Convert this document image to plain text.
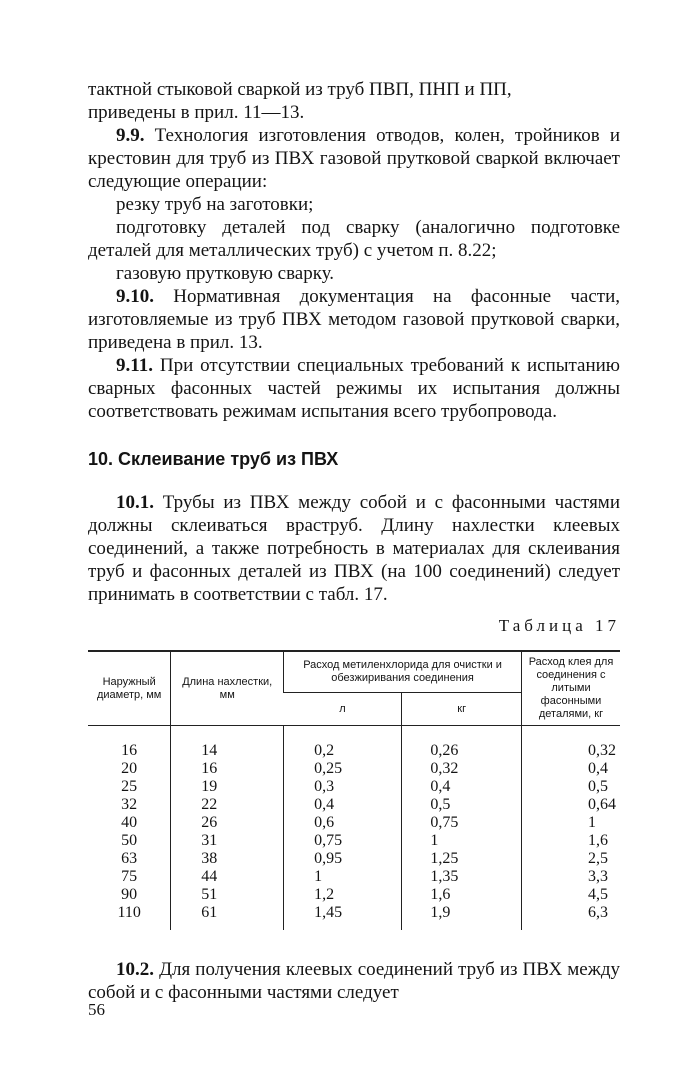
тактной стыковой сваркой из труб ПВП, ПНП и ПП,
приведены в прил. 11—13.

9.9. Технология изготовления отводов, колен, тройников и крестовин для труб из ПВХ газовой прутковой сваркой включает следующие операции:

резку труб на заготовки;

подготовку деталей под сварку (аналогично подготовке деталей для металлических труб) с учетом п. 8.22;

газовую прутковую сварку.

9.10. Нормативная документация на фасонные части, изготовляемые из труб ПВХ методом газовой прутковой сварки, приведена в прил. 13.

9.11. При отсутствии специальных требований к испытанию сварных фасонных частей режимы их испытания должны соответствовать режимам испытания всего трубопровода.

10. Склеивание труб из ПВХ

10.1. Трубы из ПВХ между собой и с фасонными частями должны склеиваться враструб. Длину нахлестки клеевых соединений, а также потребность в материалах для склеивания труб и фасонных деталей из ПВХ (на 100 соединений) следует принимать в соответствии с табл. 17.

Таблица 17
Наружный диаметр, мм	Длина нахлестки, мм	Расход метиленхлорида для очистки и обезжиривания соединения		Расход клея для соединения с литыми фасонными деталями, кг
		л	кг	

16	14	0,2	0,26	0,32
20	16	0,25	0,32	0,4
25	19	0,3	0,4	0,5
32	22	0,4	0,5	0,64
40	26	0,6	0,75	1
50	31	0,75	1	1,6
63	38	0,95	1,25	2,5
75	44	1	1,35	3,3
90	51	1,2	1,6	4,5
110	61	1,45	1,9	6,3

10.2. Для получения клеевых соединений труб из ПВХ между собой и с фасонными частями следует

56
